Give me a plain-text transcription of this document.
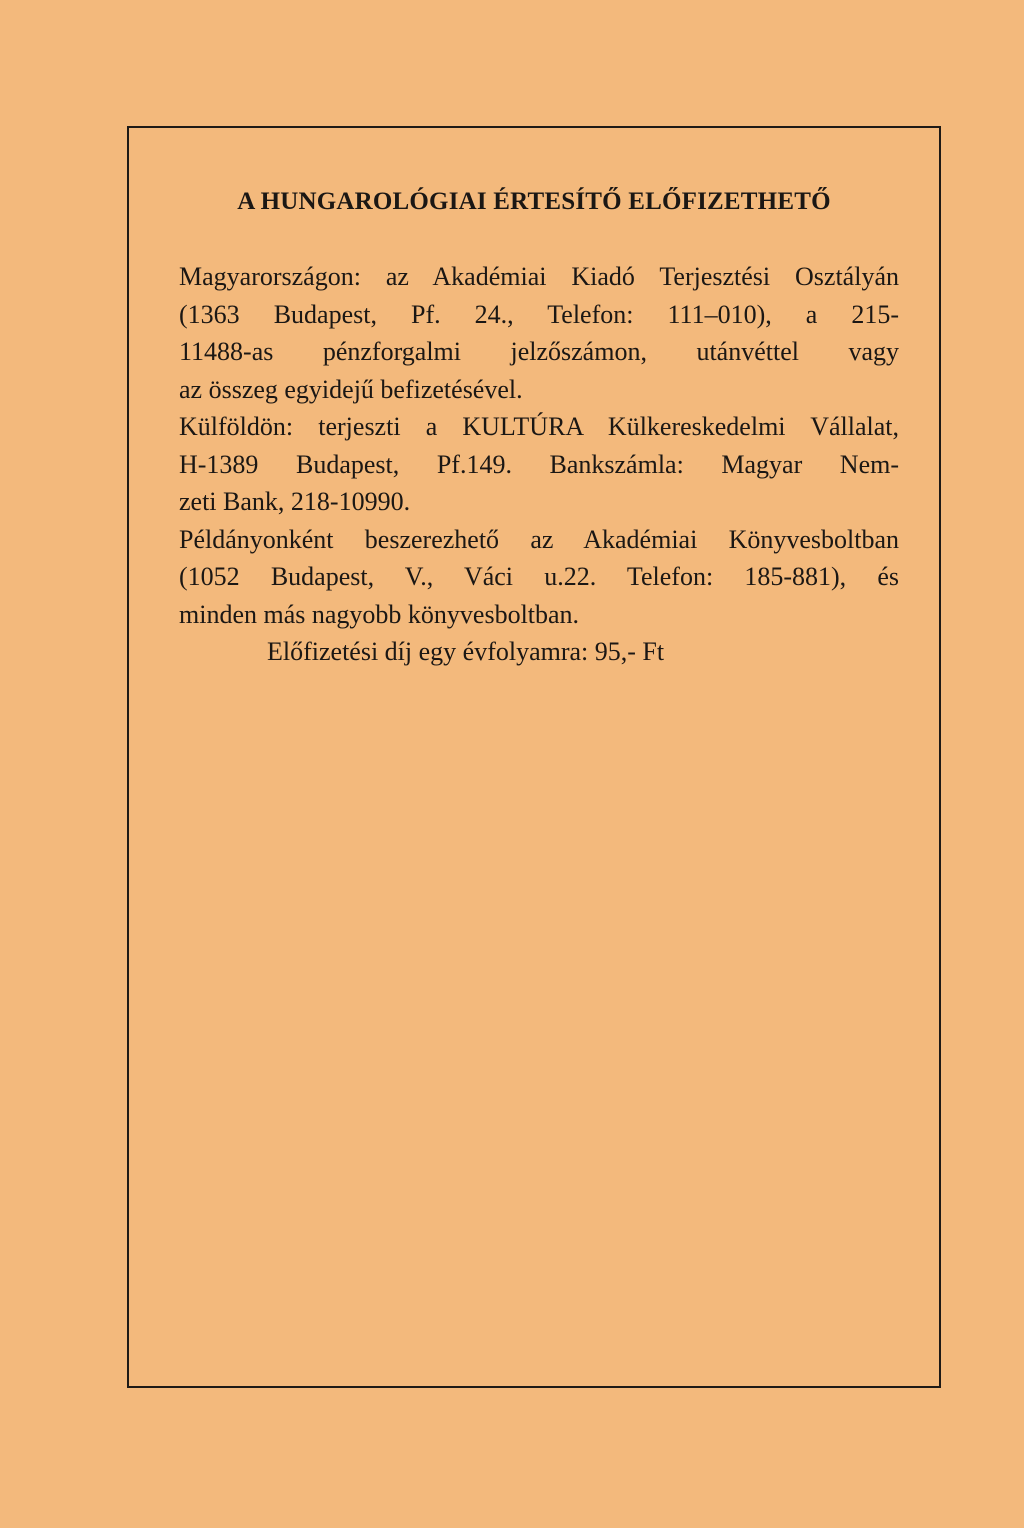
A HUNGAROLÓGIAI ÉRTESÍTŐ ELŐFIZETHETŐ

Magyarországon: az Akadémiai Kiadó Terjesztési Osztályán
(1363 Budapest, Pf. 24., Telefon: 111–010), a 215-
11488-as pénzforgalmi jelzőszámon, utánvéttel vagy
az összeg egyidejű befizetésével.

Külföldön: terjeszti a KULTÚRA Külkereskedelmi Vállalat,
H-1389 Budapest, Pf.149. Bankszámla: Magyar Nem-
zeti Bank, 218-10990.

Példányonként beszerezhető az Akadémiai Könyvesboltban
(1052 Budapest, V., Váci u.22. Telefon: 185-881), és
minden más nagyobb könyvesboltban.

Előfizetési díj egy évfolyamra: 95,- Ft
